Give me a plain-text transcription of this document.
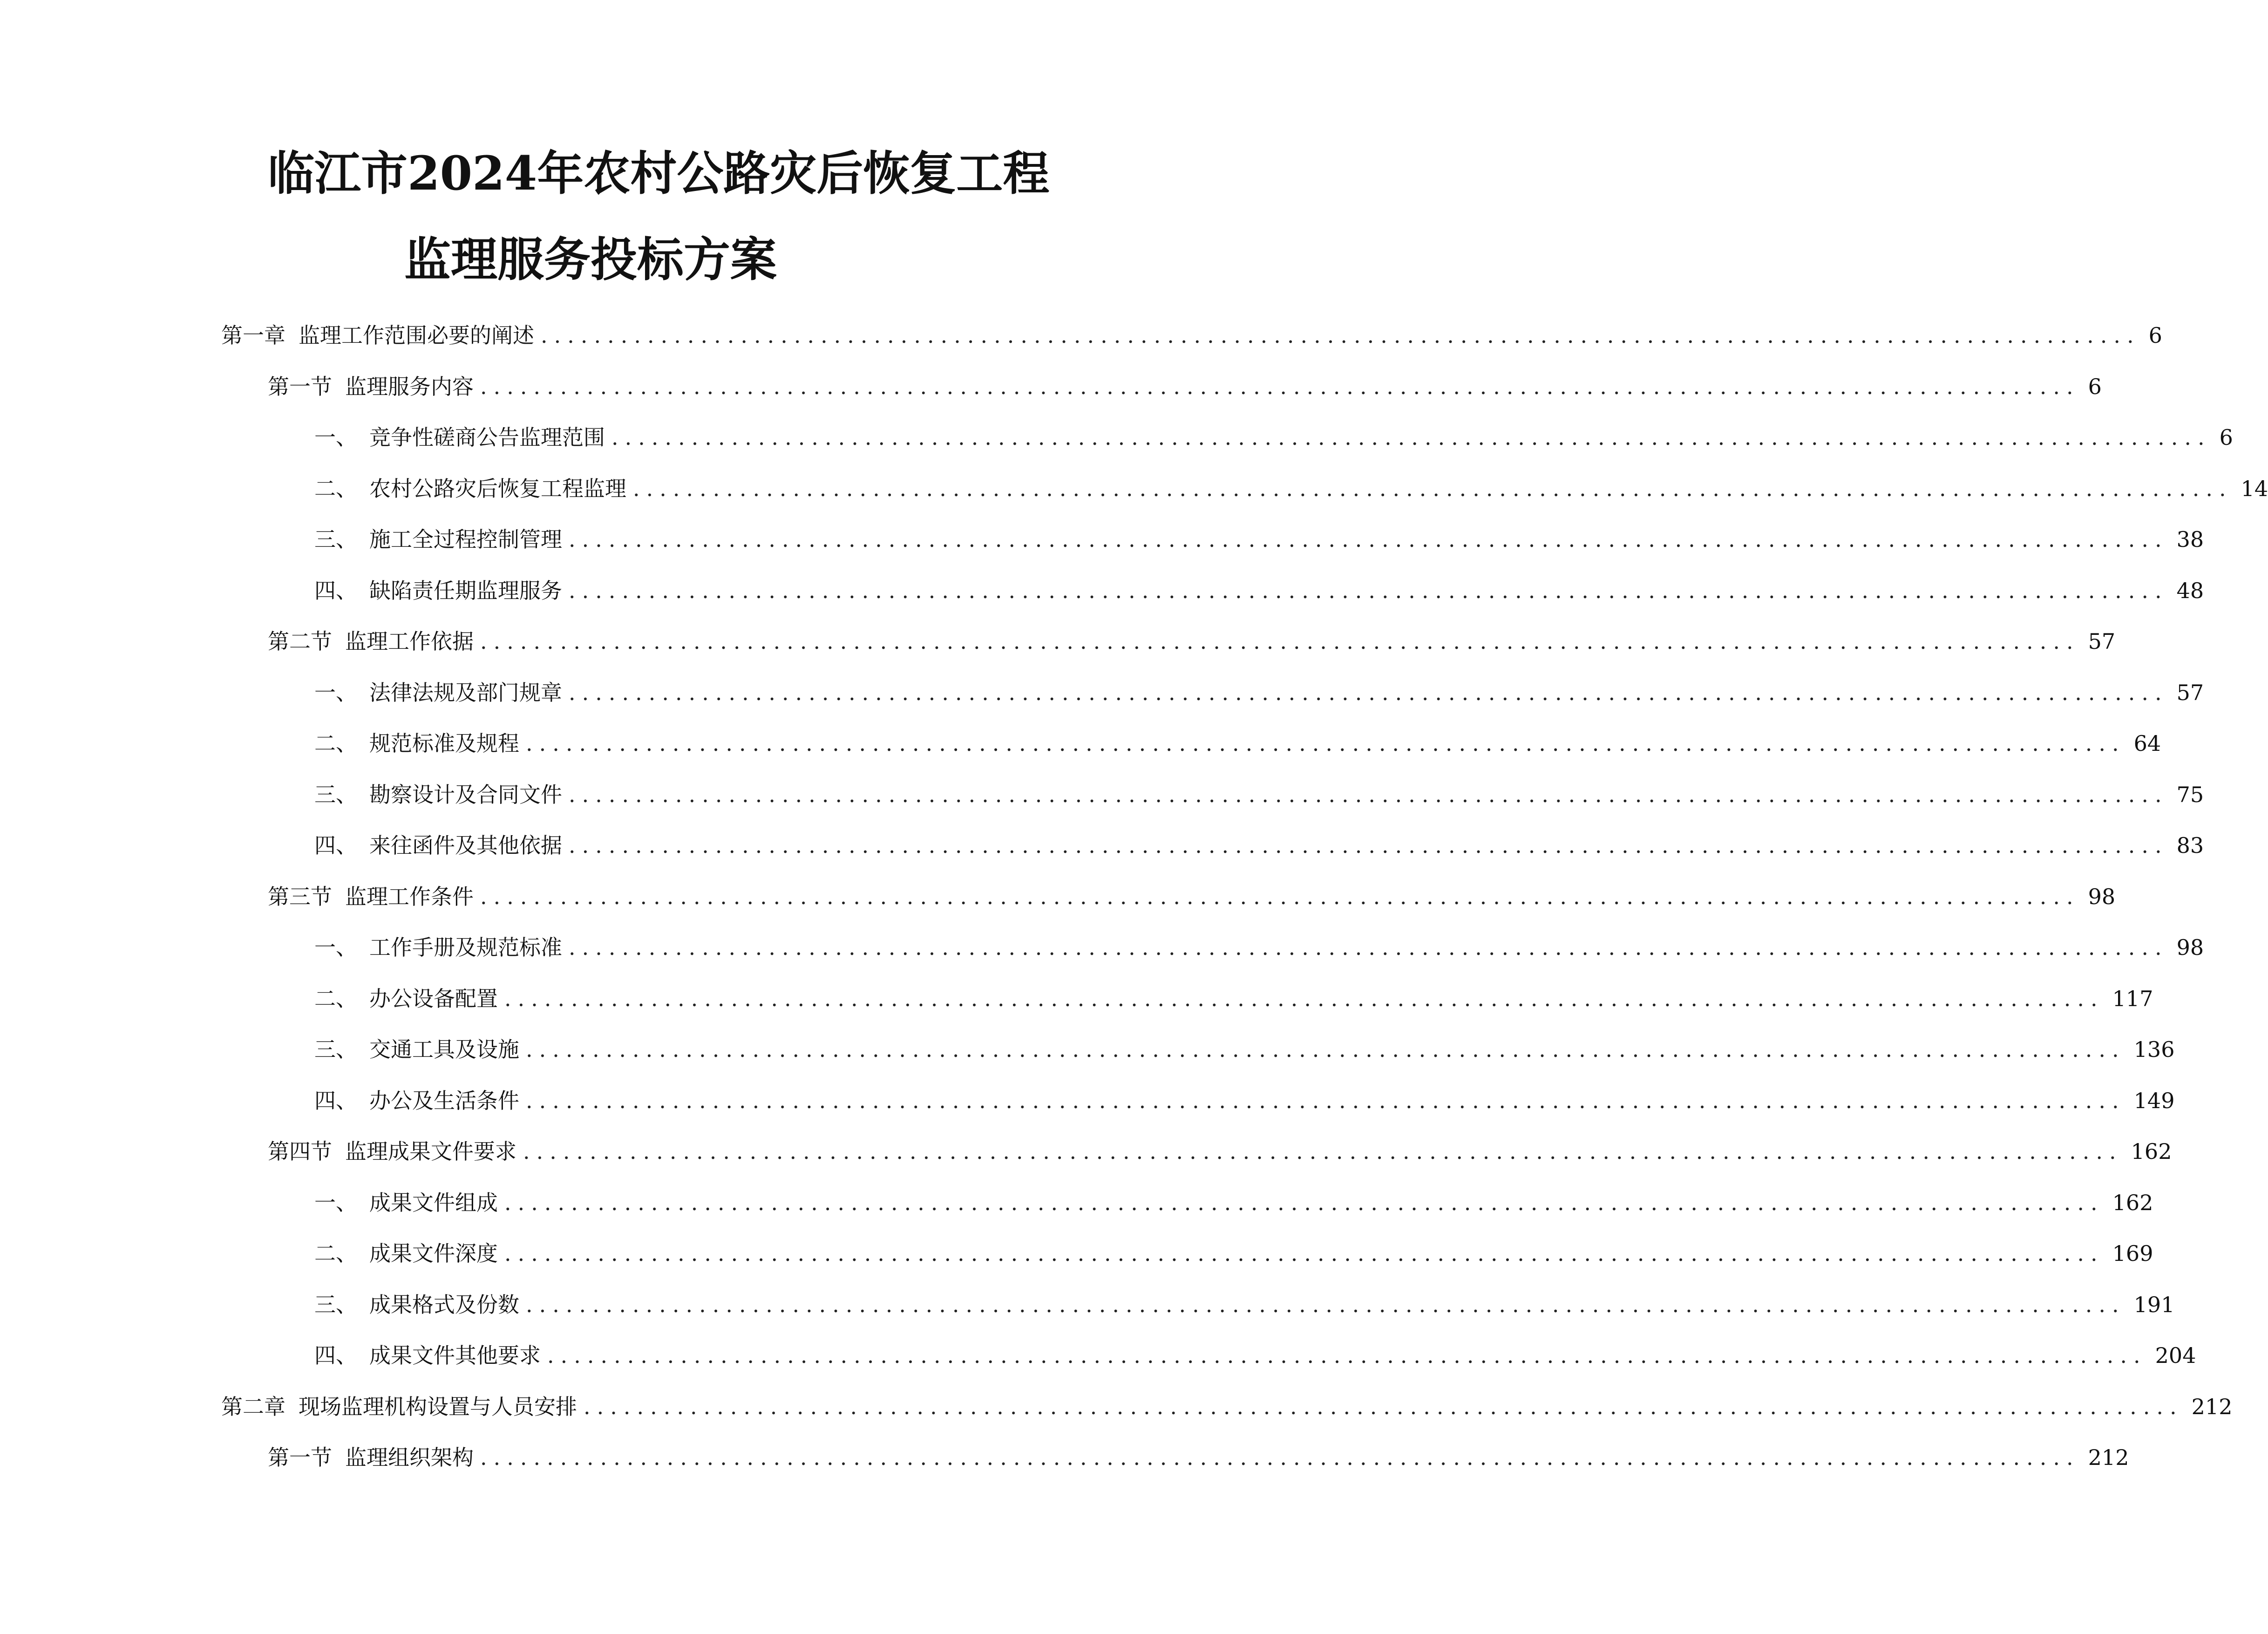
临江市2024年农村公路灾后恢复工程
监理服务投标方案
第一章 监理工作范围必要的阐述 ........................................................................................................................ 6
第一节 监理服务内容 ........................................................................................................................ 6
一、 竞争性磋商公告监理范围 ........................................................................................................................ 6
二、 农村公路灾后恢复工程监理 ........................................................................................................................ 14
三、 施工全过程控制管理 ........................................................................................................................ 38
四、 缺陷责任期监理服务 ........................................................................................................................ 48
第二节 监理工作依据 ........................................................................................................................ 57
一、 法律法规及部门规章 ........................................................................................................................ 57
二、 规范标准及规程 ........................................................................................................................ 64
三、 勘察设计及合同文件 ........................................................................................................................ 75
四、 来往函件及其他依据 ........................................................................................................................ 83
第三节 监理工作条件 ........................................................................................................................ 98
一、 工作手册及规范标准 ........................................................................................................................ 98
二、 办公设备配置 ........................................................................................................................ 117
三、 交通工具及设施 ........................................................................................................................ 136
四、 办公及生活条件 ........................................................................................................................ 149
第四节 监理成果文件要求 ........................................................................................................................ 162
一、 成果文件组成 ........................................................................................................................ 162
二、 成果文件深度 ........................................................................................................................ 169
三、 成果格式及份数 ........................................................................................................................ 191
四、 成果文件其他要求 ........................................................................................................................ 204
第二章 现场监理机构设置与人员安排 ........................................................................................................................ 212
第一节 监理组织架构 ........................................................................................................................ 212
